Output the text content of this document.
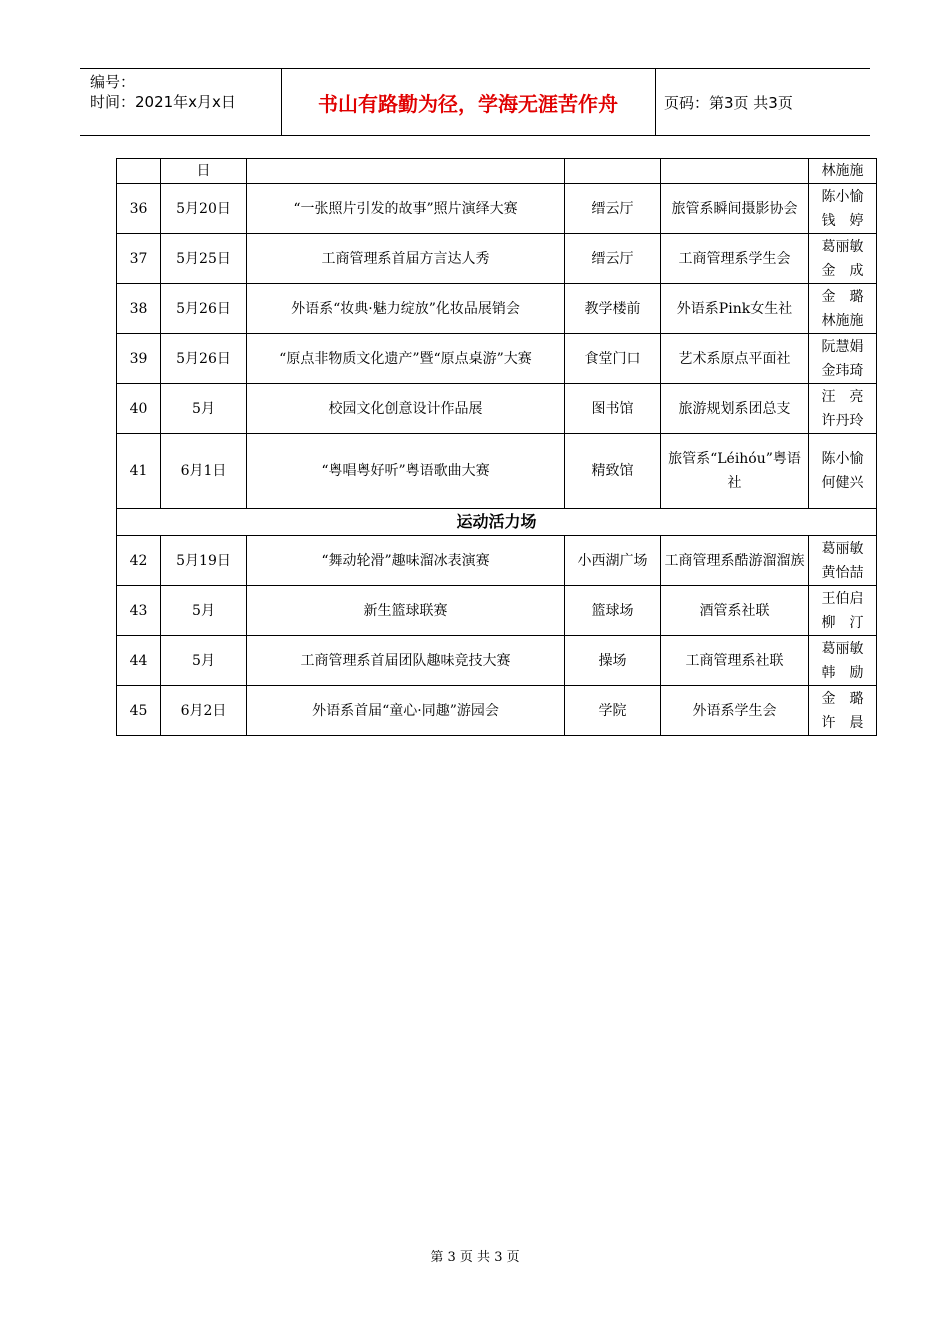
编号：
时间：2021年x月x日	书山有路勤为径，学海无涯苦作舟	页码：第3页 共3页
	日				林施施

36	5月20日	“一张照片引发的故事”照片演绎大赛	缙云厅	旅管系瞬间摄影协会	陈小愉
钱　婷

37	5月25日	工商管理系首届方言达人秀	缙云厅	工商管理系学生会	葛丽敏
金　成

38	5月26日	外语系“妆典·魅力绽放”化妆品展销会	教学楼前	外语系Pink女生社	金　璐
林施施

39	5月26日	“原点非物质文化遗产”暨“原点桌游”大赛	食堂门口	艺术系原点平面社	阮慧娟
金玮琦

40	5月	校园文化创意设计作品展	图书馆	旅游规划系团总支	汪　亮
许丹玲

41	6月1日	“粤唱粤好听”粤语歌曲大赛	精致馆	旅管系“Léihóu”粤语社	陈小愉
何健兴

运动活力场					
42	5月19日	“舞动轮滑”趣味溜冰表演赛	小西湖广场	工商管理系酷游溜溜族	葛丽敏
黄怡喆

43	5月	新生篮球联赛	篮球场	酒管系社联	王伯启
柳　汀

44	5月	工商管理系首届团队趣味竞技大赛	操场	工商管理系社联	葛丽敏
韩　励

45	6月2日	外语系首届“童心·同趣”游园会	学院	外语系学生会	金　璐
许　晨
第 3 页 共 3 页
